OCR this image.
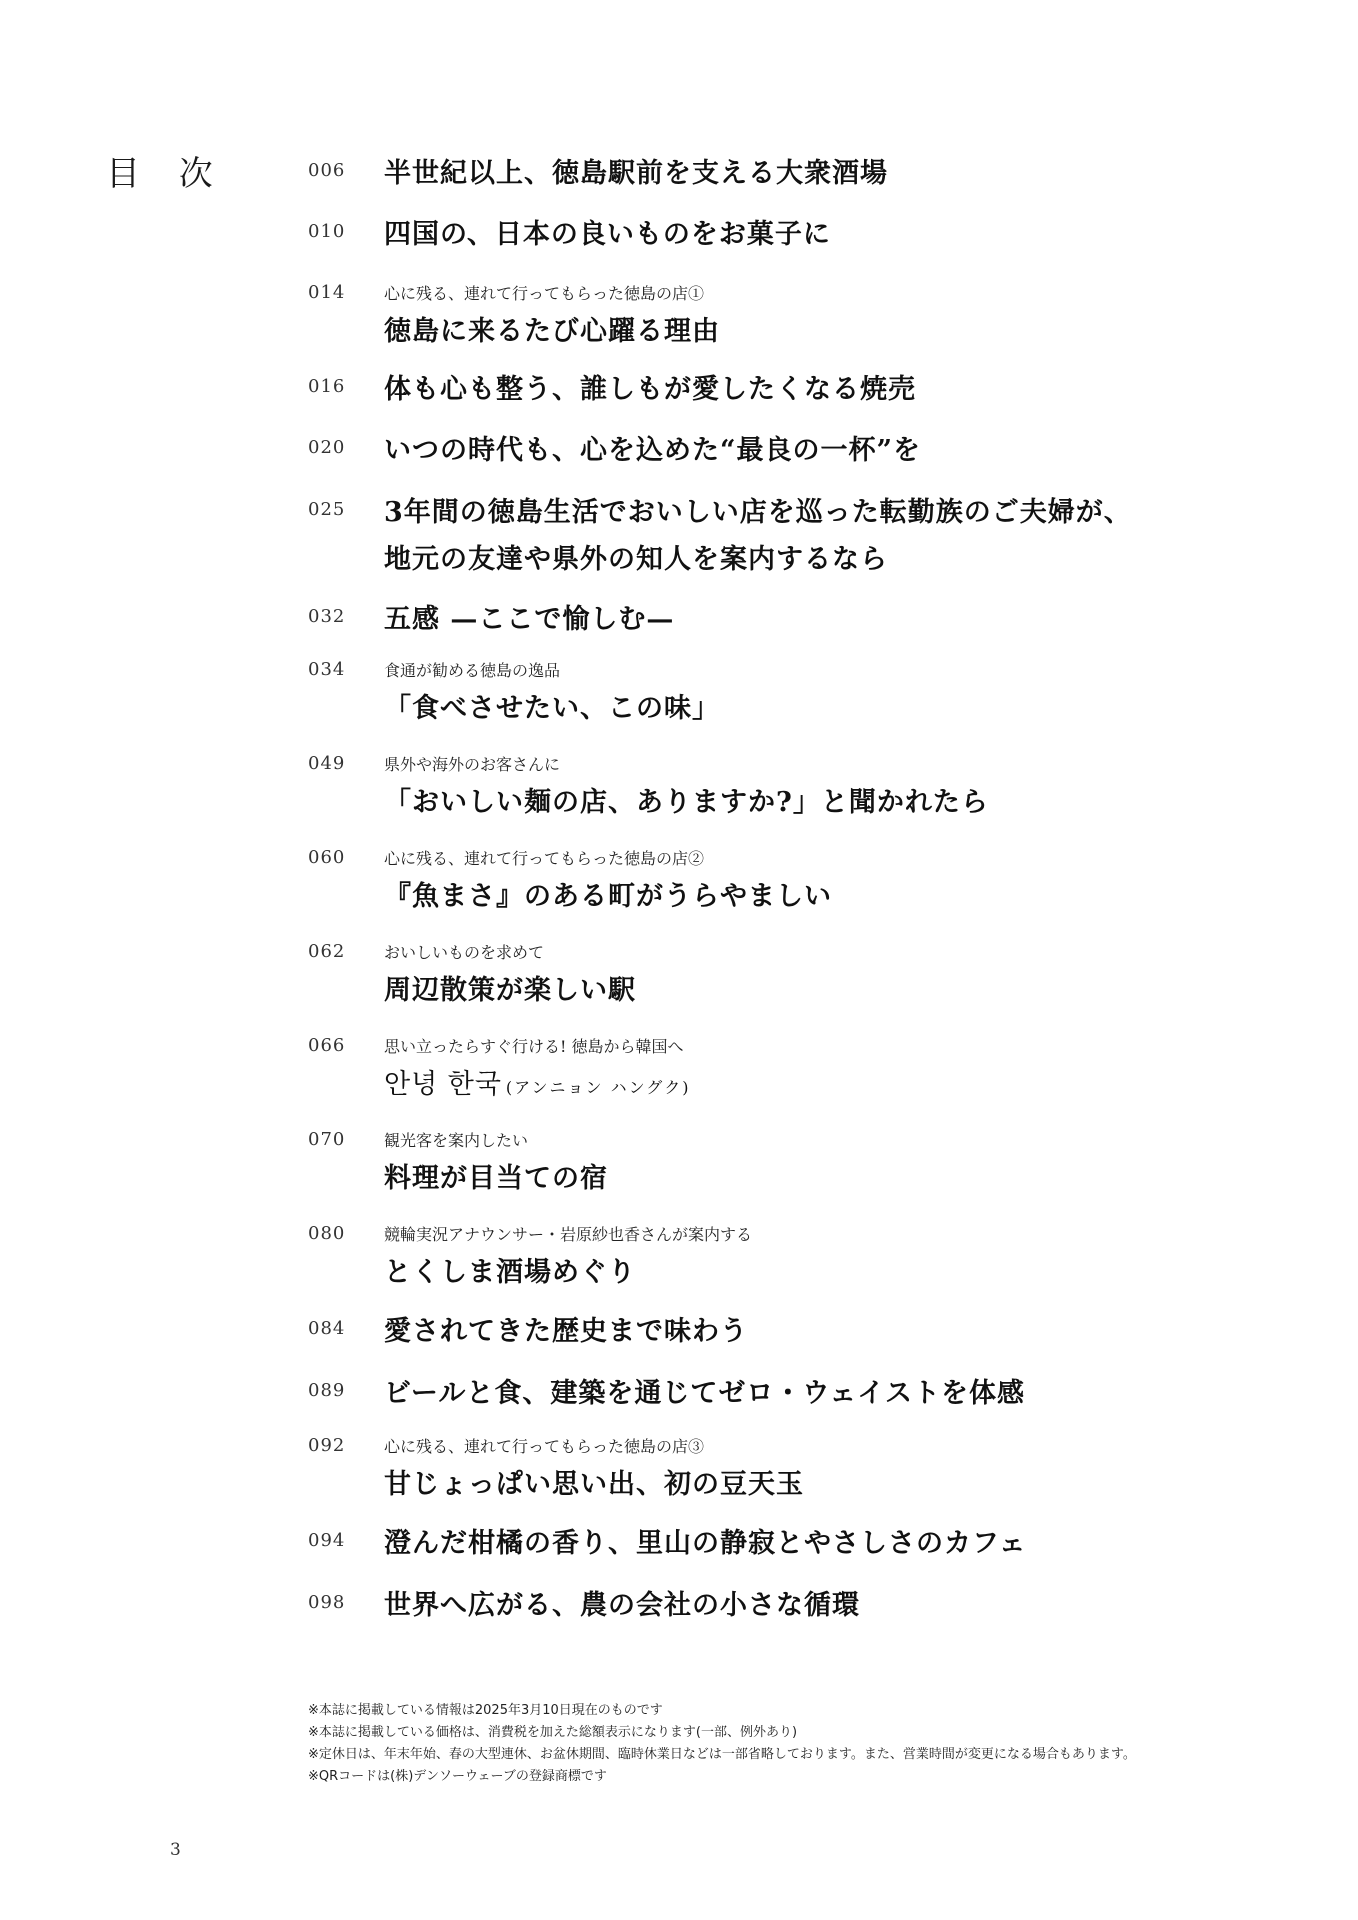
目 次	006 半世紀以上、徳島駅前を支える大衆酒場
010 四国の、日本の良いものをお菓子に
014 心に残る、連れて行ってもらった徳島の店①
徳島に来るたび心躍る理由
016 体も心も整う、誰しもが愛したくなる焼売
020 いつの時代も、心を込めた“最良の一杯”を
025 3年間の徳島生活でおいしい店を巡った転勤族のご夫婦が、
地元の友達や県外の知人を案内するなら
032 五感 —ここで愉しむ—
034 食通が勧める徳島の逸品
「食べさせたい、この味」
049 県外や海外のお客さんに
「おいしい麺の店、ありますか?」と聞かれたら
060 心に残る、連れて行ってもらった徳島の店②
『魚まさ』のある町がうらやましい
062 おいしいものを求めて
周辺散策が楽しい駅
066 思い立ったらすぐ行ける! 徳島から韓国へ
안녕 한국 (アンニョン ハングク)
070 観光客を案内したい
料理が目当ての宿
080 競輪実況アナウンサー・岩原紗也香さんが案内する
とくしま酒場めぐり
084 愛されてきた歴史まで味わう
089 ビールと食、建築を通じてゼロ・ウェイストを体感
092 心に残る、連れて行ってもらった徳島の店③
甘じょっぱい思い出、初の豆天玉
094 澄んだ柑橘の香り、里山の静寂とやさしさのカフェ
098 世界へ広がる、農の会社の小さな循環
※本誌に掲載している情報は2025年3月10日現在のものです
※本誌に掲載している価格は、消費税を加えた総額表示になります(一部、例外あり)
※定休日は、年末年始、春の大型連休、お盆休期間、臨時休業日などは一部省略しております。また、営業時間が変更になる場合もあります。
※QRコードは(株)デンソーウェーブの登録商標です
3
